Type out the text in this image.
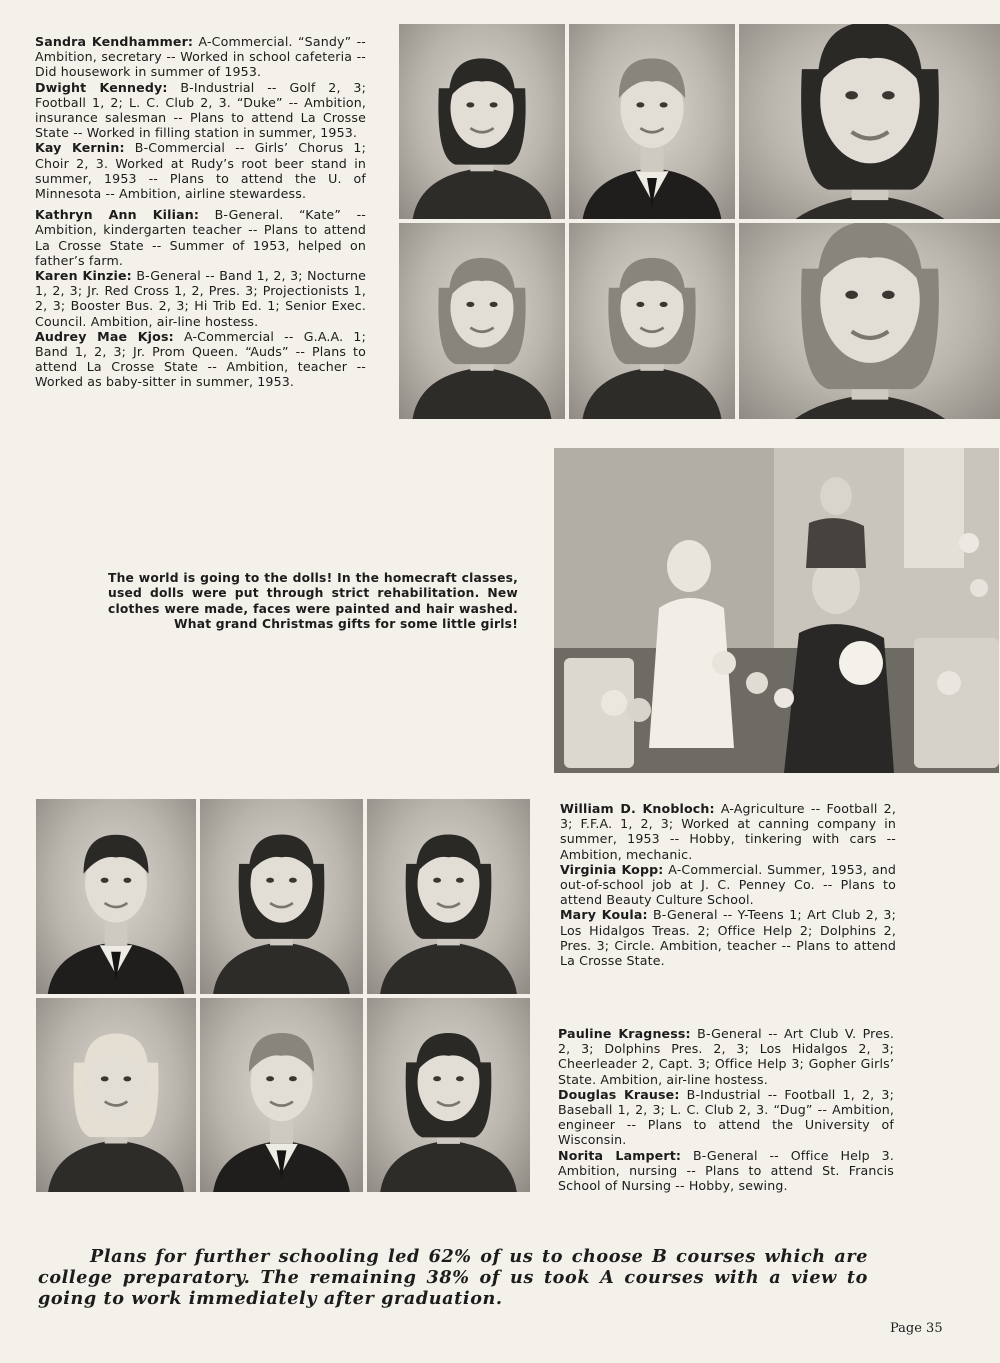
Sandra Kendhammer: A-Commercial. “Sandy” -- Ambition, secretary -- Worked in school cafeteria -- Did housework in summer of 1953.
Dwight Kennedy: B-Industrial -- Golf 2, 3; Football 1, 2; L. C. Club 2, 3. “Duke” -- Ambition, insurance salesman -- Plans to attend La Crosse State -- Worked in filling station in summer, 1953.
Kay Kernin: B-Commercial -- Girls’ Chorus 1; Choir 2, 3. Worked at Rudy’s root beer stand in summer, 1953 -- Plans to attend the U. of Minnesota -- Ambition, airline stewardess.
Kathryn Ann Kilian: B-General. “Kate” -- Ambition, kindergarten teacher -- Plans to attend La Crosse State -- Summer of 1953, helped on father’s farm.
Karen Kinzie: B-General -- Band 1, 2, 3; Nocturne 1, 2, 3; Jr. Red Cross 1, 2, Pres. 3; Projectionists 1, 2, 3; Booster Bus. 2, 3; Hi Trib Ed. 1; Senior Exec. Council. Ambition, air-line hostess.
Audrey Mae Kjos: A-Commercial -- G.A.A. 1; Band 1, 2, 3; Jr. Prom Queen. “Auds” -- Plans to attend La Crosse State -- Ambition, teacher -- Worked as baby-sitter in summer, 1953.
The world is going to the dolls! In the homecraft classes, used dolls were put through strict rehabilitation. New clothes were made, faces were painted and hair washed. What grand Christmas gifts for some little girls!
William D. Knobloch: A-Agriculture -- Football 2, 3; F.F.A. 1, 2, 3; Worked at canning company in summer, 1953 -- Hobby, tinkering with cars -- Ambition, mechanic.
Virginia Kopp: A-Commercial. Summer, 1953, and out-of-school job at J. C. Penney Co. -- Plans to attend Beauty Culture School.
Mary Koula: B-General -- Y-Teens 1; Art Club 2, 3; Los Hidalgos Treas. 2; Office Help 2; Dolphins 2, Pres. 3; Circle. Ambition, teacher -- Plans to attend La Crosse State.
Pauline Kragness: B-General -- Art Club V. Pres. 2, 3; Dolphins Pres. 2, 3; Los Hidalgos 2, 3; Cheerleader 2, Capt. 3; Office Help 3; Gopher Girls’ State. Ambition, air-line hostess.
Douglas Krause: B-Industrial -- Football 1, 2, 3; Baseball 1, 2, 3; L. C. Club 2, 3. “Dug” -- Ambition, engineer -- Plans to attend the University of Wisconsin.
Norita Lampert: B-General -- Office Help 3. Ambition, nursing -- Plans to attend St. Francis School of Nursing -- Hobby, sewing.
Plans for further schooling led 62% of us to choose B courses which are college preparatory. The remaining 38% of us took A courses with a view to going to work immediately after graduation.
Page 35
